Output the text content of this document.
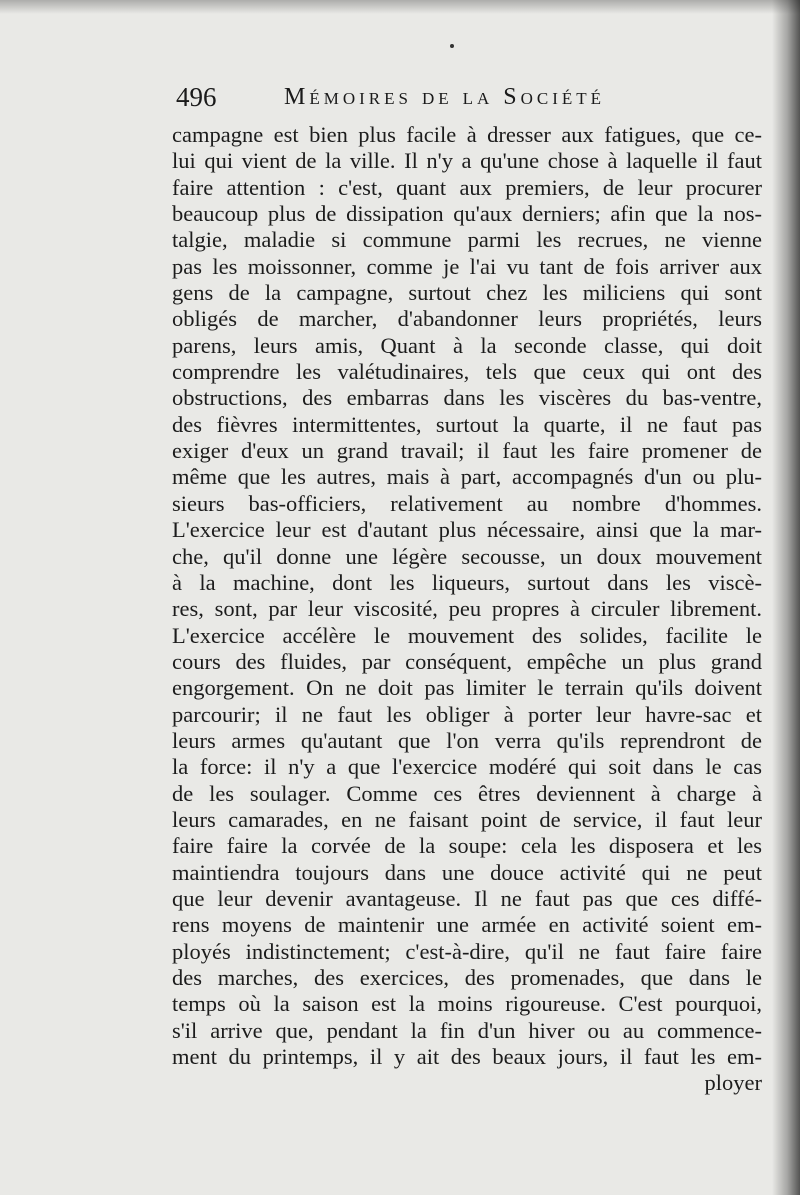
496	Mémoires de la Société
campagne est bien plus facile à dresser aux fatigues, que ce-
lui qui vient de la ville. Il n'y a qu'une chose à laquelle il faut
faire attention : c'est, quant aux premiers, de leur procurer
beaucoup plus de dissipation qu'aux derniers; afin que la nos-
talgie, maladie si commune parmi les recrues, ne vienne
pas les moissonner, comme je l'ai vu tant de fois arriver aux
gens de la campagne, surtout chez les miliciens qui sont
obligés de marcher, d'abandonner leurs propriétés, leurs
parens, leurs amis, Quant à la seconde classe, qui doit
comprendre les valétudinaires, tels que ceux qui ont des
obstructions, des embarras dans les viscères du bas-ventre,
des fièvres intermittentes, surtout la quarte, il ne faut pas
exiger d'eux un grand travail; il faut les faire promener de
même que les autres, mais à part, accompagnés d'un ou plu-
sieurs bas-officiers, relativement au nombre d'hommes.
L'exercice leur est d'autant plus nécessaire, ainsi que la mar-
che, qu'il donne une légère secousse, un doux mouvement
à la machine, dont les liqueurs, surtout dans les viscè-
res, sont, par leur viscosité, peu propres à circuler librement.
L'exercice accélère le mouvement des solides, facilite le
cours des fluides, par conséquent, empêche un plus grand
engorgement. On ne doit pas limiter le terrain qu'ils doivent
parcourir; il ne faut les obliger à porter leur havre-sac et
leurs armes qu'autant que l'on verra qu'ils reprendront de
la force: il n'y a que l'exercice modéré qui soit dans le cas
de les soulager. Comme ces êtres deviennent à charge à
leurs camarades, en ne faisant point de service, il faut leur
faire faire la corvée de la soupe: cela les disposera et les
maintiendra toujours dans une douce activité qui ne peut
que leur devenir avantageuse. Il ne faut pas que ces diffé-
rens moyens de maintenir une armée en activité soient em-
ployés indistinctement; c'est-à-dire, qu'il ne faut faire faire
des marches, des exercices, des promenades, que dans le
temps où la saison est la moins rigoureuse. C'est pourquoi,
s'il arrive que, pendant la fin d'un hiver ou au commence-
ment du printemps, il y ait des beaux jours, il faut les em-
ployer
